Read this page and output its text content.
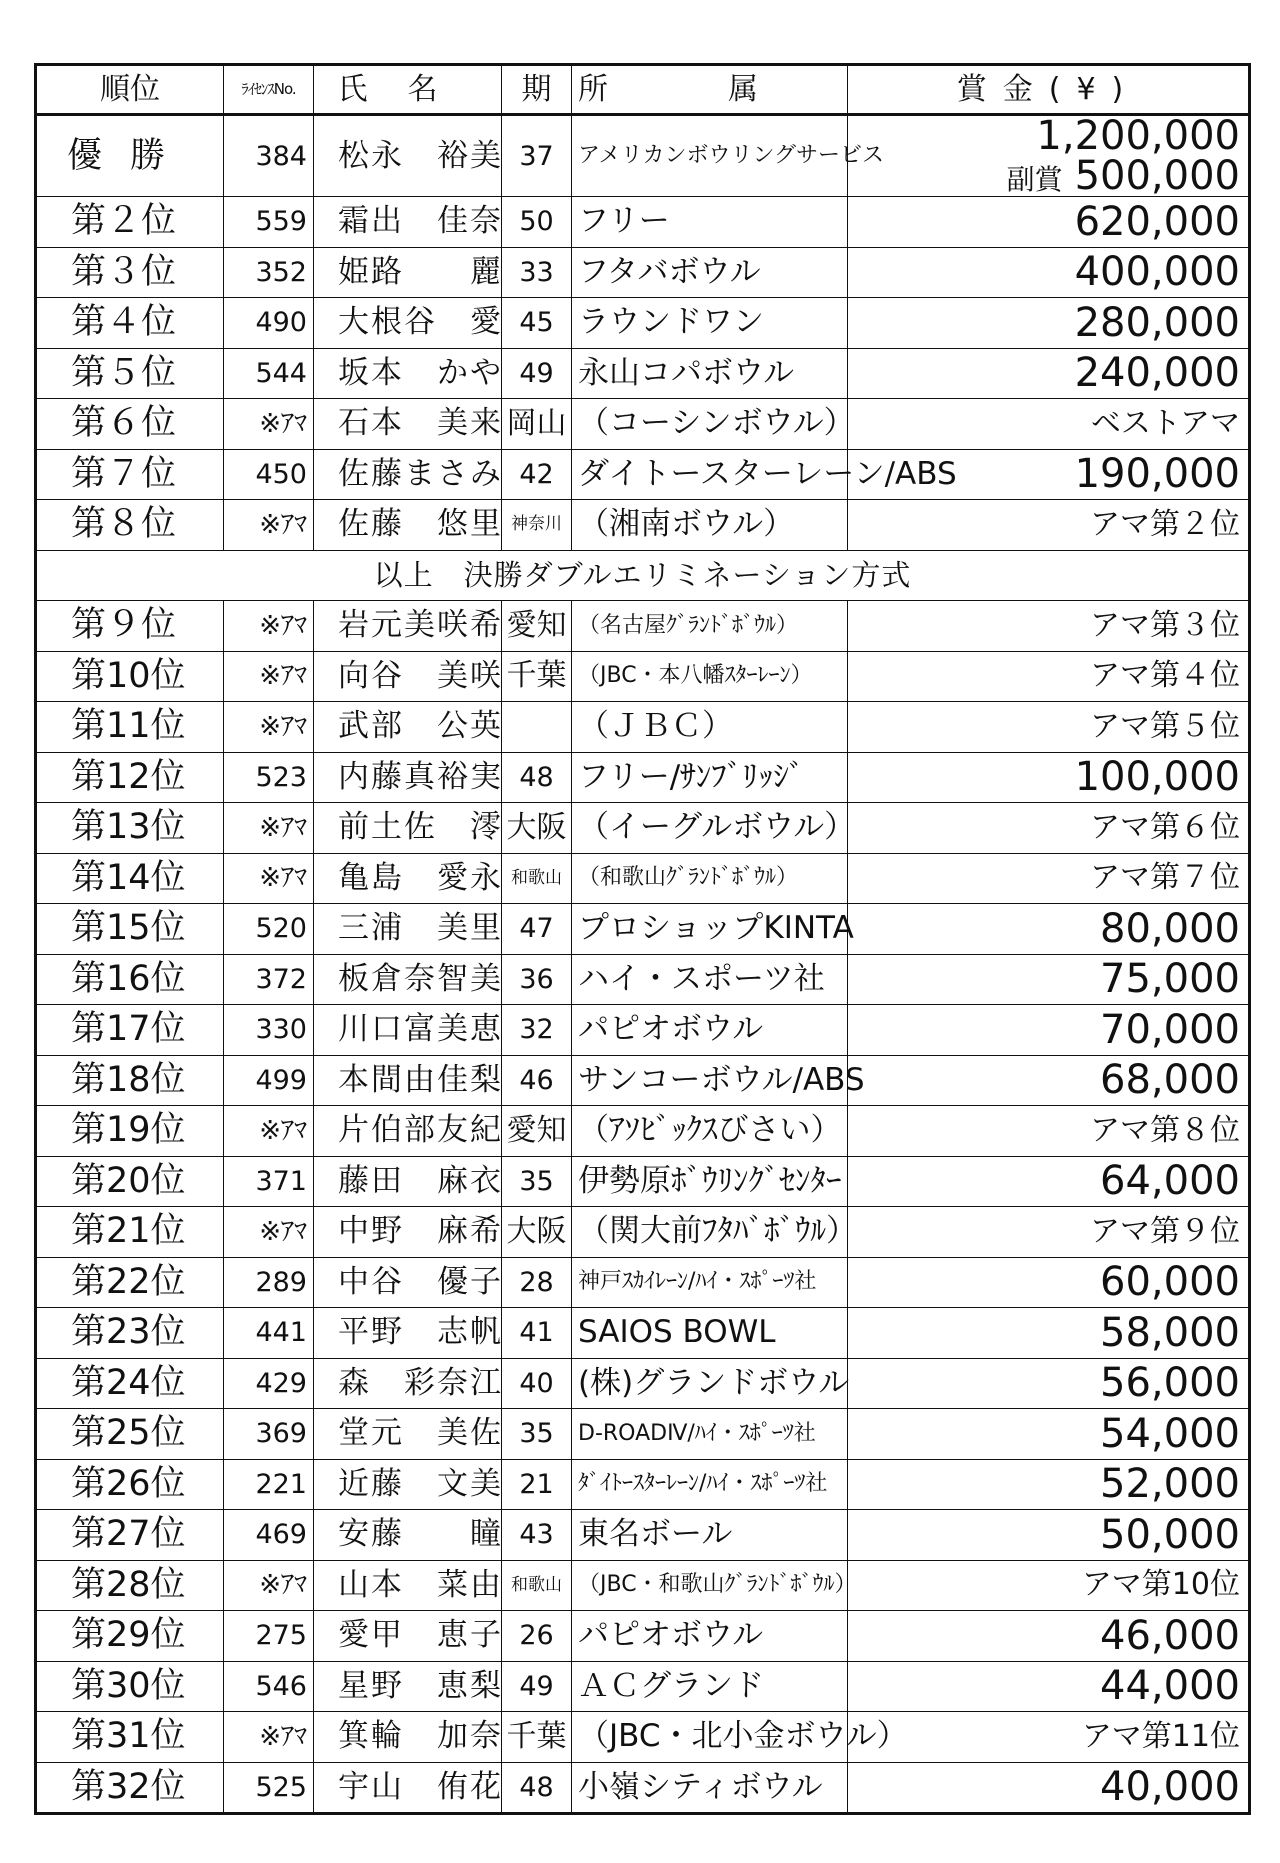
順位	ﾗｲｾﾝｽNo.	氏名	期	所属	賞金(¥)
優勝	384	松永　裕美	37	アメリカンボウリングサービス	1,200,000
副賞 500,000

第２位	559	霜出　佳奈	50	フリー	620,000
第３位	352	姫路　　麗	33	フタバボウル	400,000
第４位	490	大根谷　愛	45	ラウンドワン	280,000
第５位	544	坂本　かや	49	永山コパボウル	240,000
第６位	※ｱﾏ	石本　美来	岡山	（コーシンボウル）	ベストアマ
第７位	450	佐藤まさみ	42	ダイトースターレーン/ABS	190,000
第８位	※ｱﾏ	佐藤　悠里	神奈川	（湘南ボウル）	アマ第２位
以上　決勝ダブルエリミネーション方式					
第９位	※ｱﾏ	岩元美咲希	愛知	（名古屋ｸﾞﾗﾝﾄﾞﾎﾞｳﾙ）	アマ第３位
第10位	※ｱﾏ	向谷　美咲	千葉	（JBC・本八幡ｽﾀｰﾚｰﾝ）	アマ第４位
第11位	※ｱﾏ	武部　公英		（ＪＢＣ）	アマ第５位
第12位	523	内藤真裕実	48	フリー/ｻﾝﾌﾞﾘｯｼﾞ	100,000
第13位	※ｱﾏ	前土佐　澪	大阪	（イーグルボウル）	アマ第６位
第14位	※ｱﾏ	亀島　愛永	和歌山	（和歌山ｸﾞﾗﾝﾄﾞﾎﾞｳﾙ）	アマ第７位
第15位	520	三浦　美里	47	プロショップKINTA	80,000
第16位	372	板倉奈智美	36	ハイ・スポーツ社	75,000
第17位	330	川口富美恵	32	パピオボウル	70,000
第18位	499	本間由佳梨	46	サンコーボウル/ABS	68,000
第19位	※ｱﾏ	片伯部友紀	愛知	（ｱｿﾋﾞｯｸｽびさい）	アマ第８位
第20位	371	藤田　麻衣	35	伊勢原ﾎﾞｳﾘﾝｸﾞｾﾝﾀｰ	64,000
第21位	※ｱﾏ	中野　麻希	大阪	（関大前ﾌﾀﾊﾞﾎﾞｳﾙ）	アマ第９位
第22位	289	中谷　優子	28	神戸ｽｶｲﾚｰﾝ/ﾊｲ・ｽﾎﾟｰﾂ社	60,000
第23位	441	平野　志帆	41	SAIOS BOWL	58,000
第24位	429	森　彩奈江	40	(株)グランドボウル	56,000
第25位	369	堂元　美佐	35	D-ROADⅣ/ﾊｲ・ｽﾎﾟｰﾂ社	54,000
第26位	221	近藤　文美	21	ﾀﾞｲﾄｰｽﾀｰﾚｰﾝ/ﾊｲ・ｽﾎﾟｰﾂ社	52,000
第27位	469	安藤　　瞳	43	東名ボール	50,000
第28位	※ｱﾏ	山本　菜由	和歌山	（JBC・和歌山ｸﾞﾗﾝﾄﾞﾎﾞｳﾙ）	アマ第10位
第29位	275	愛甲　恵子	26	パピオボウル	46,000
第30位	546	星野　恵梨	49	ＡＣグランド	44,000
第31位	※ｱﾏ	箕輪　加奈	千葉	（JBC・北小金ボウル）	アマ第11位
第32位	525	宇山　侑花	48	小嶺シティボウル	40,000
